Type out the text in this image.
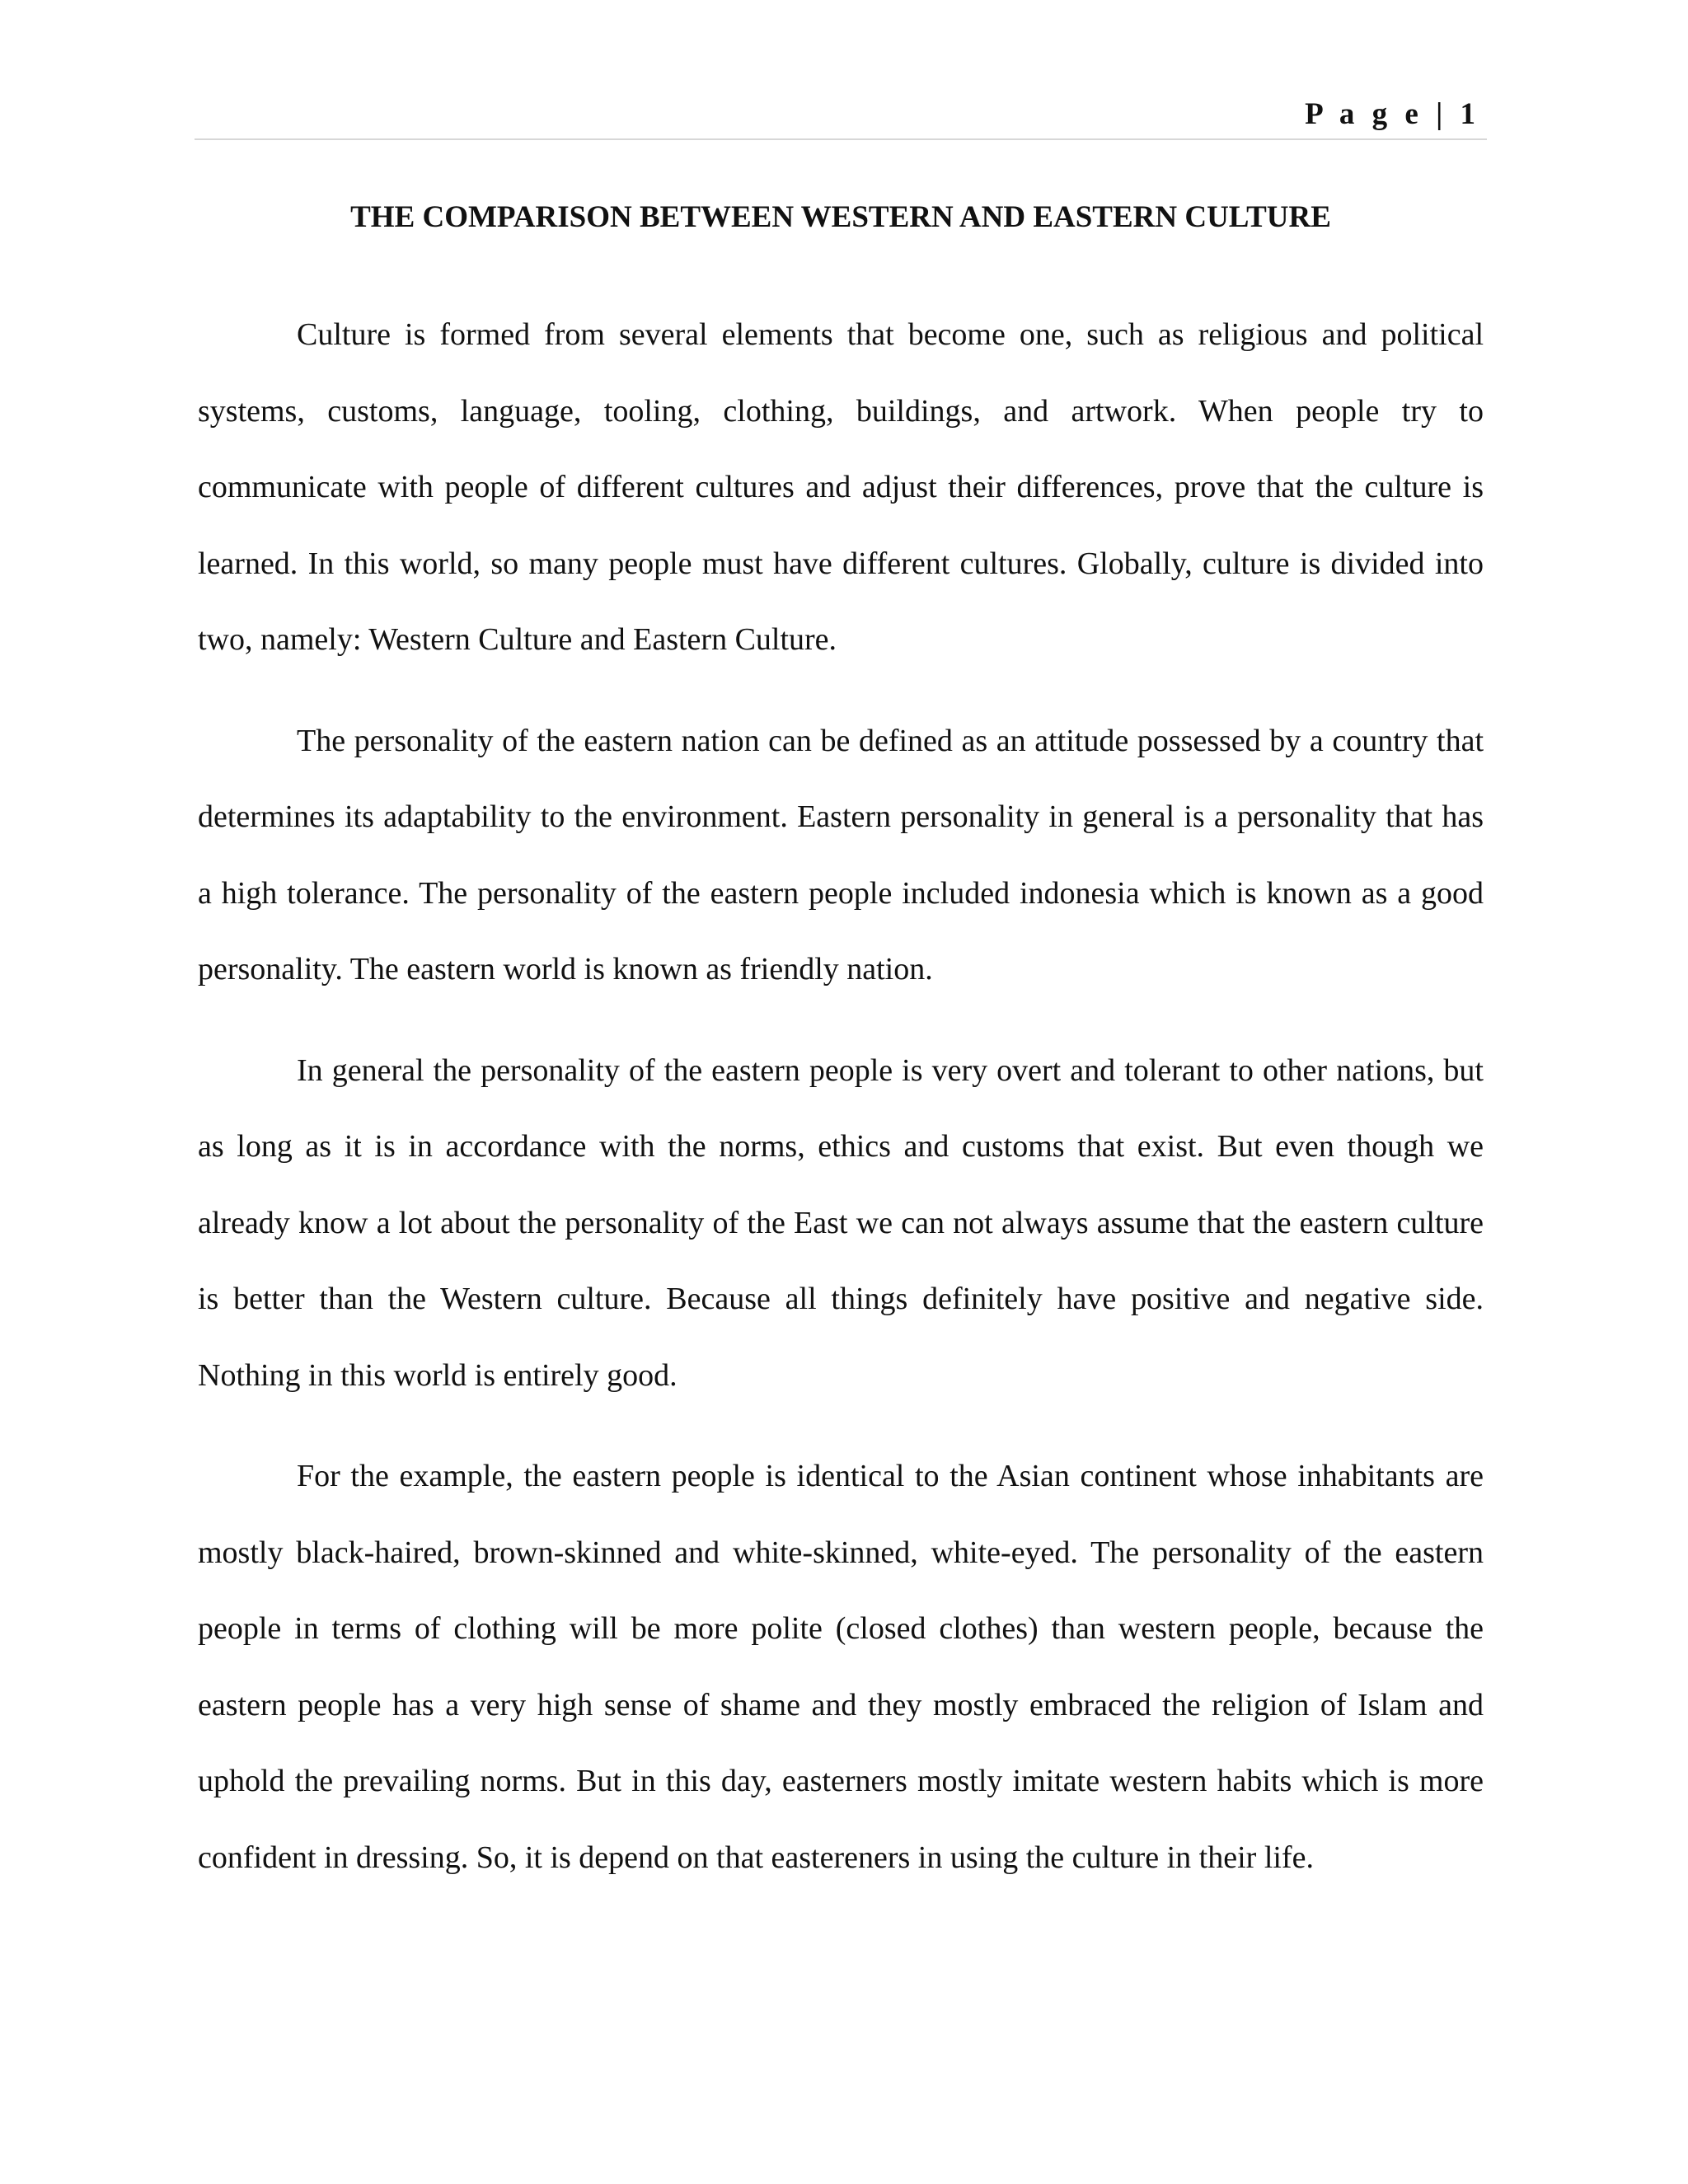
P a g e | 1
THE COMPARISON BETWEEN WESTERN AND EASTERN CULTURE

Culture is formed from several elements that become one, such as religious and political systems, customs, language, tooling, clothing, buildings, and artwork. When people try to communicate with people of different cultures and adjust their differences, prove that the culture is learned. In this world, so many people must have different cultures. Globally, culture is divided into two, namely: Western Culture and Eastern Culture.

The personality of the eastern nation can be defined as an attitude possessed by a country that determines its adaptability to the environment. Eastern personality in general is a personality that has a high tolerance. The personality of the eastern people included indonesia which is known as a good personality. The eastern world is known as friendly nation.

In general the personality of the eastern people is very overt and tolerant to other nations, but as long as it is in accordance with the norms, ethics and customs that exist. But even though we already know a lot about the personality of the East we can not always assume that the eastern culture is better than the Western culture. Because all things definitely have positive and negative side. Nothing in this world is entirely good.

For the example, the eastern people is identical to the Asian continent whose inhabitants are mostly black-haired, brown-skinned and white-skinned, white-eyed. The personality of the eastern people in terms of clothing will be more polite (closed clothes) than western people, because the eastern people has a very high sense of shame and they mostly embraced the religion of Islam and uphold the prevailing norms. But in this day, easterners mostly imitate western habits which is more confident in dressing. So, it is depend on that eastereners in using the culture in their life.
